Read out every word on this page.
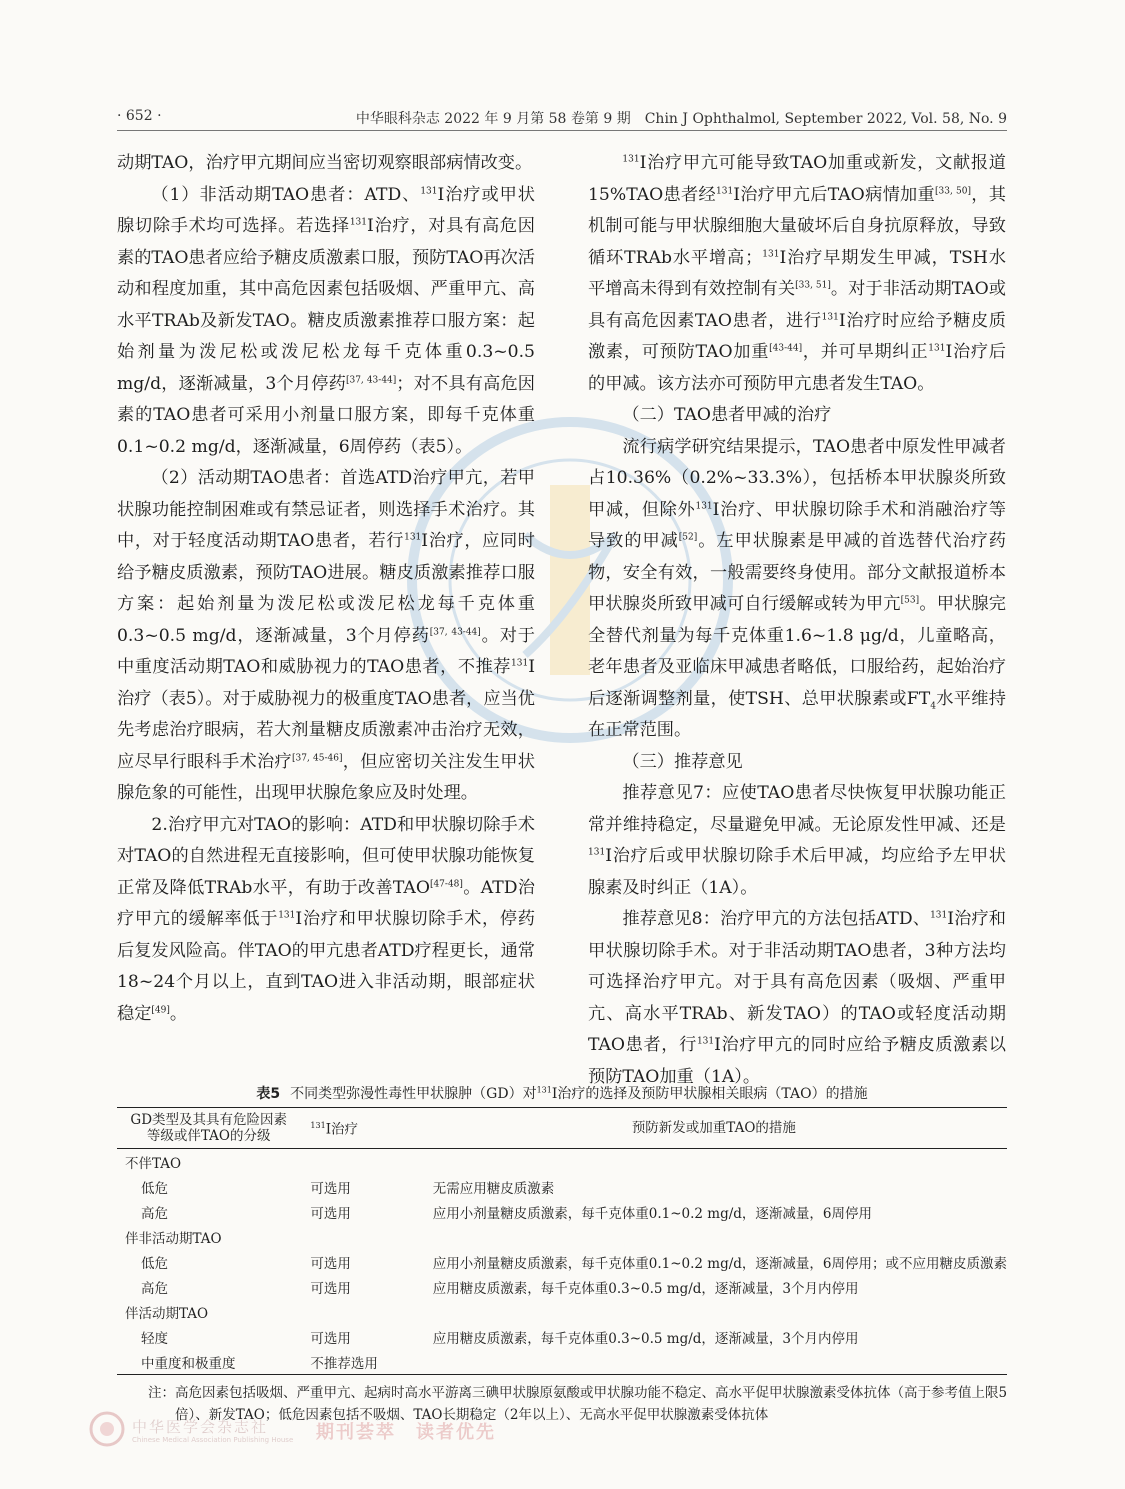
· 652 ·	中华眼科杂志 2022 年 9 月第 58 卷第 9 期　Chin J Ophthalmol, September 2022, Vol. 58, No. 9

动期TAO，治疗甲亢期间应当密切观察眼部病情改变。

（1）非活动期TAO患者：ATD、$^{131}$I治疗或甲状腺切除手术均可选择。若选择$^{131}$I治疗，对具有高危因素的TAO患者应给予糖皮质激素口服，预防TAO再次活动和程度加重，其中高危因素包括吸烟、严重甲亢、高水平TRAb及新发TAO。糖皮质激素推荐口服方案：起始剂量为泼尼松或泼尼松龙每千克体重0.3~0.5 mg/d，逐渐减量，3个月停药[37, 43-44]；对不具有高危因素的TAO患者可采用小剂量口服方案，即每千克体重0.1~0.2 mg/d，逐渐减量，6周停药（表5）。

（2）活动期TAO患者：首选ATD治疗甲亢，若甲状腺功能控制困难或有禁忌证者，则选择手术治疗。其中，对于轻度活动期TAO患者，若行$^{131}$I治疗，应同时给予糖皮质激素，预防TAO进展。糖皮质激素推荐口服方案：起始剂量为泼尼松或泼尼松龙每千克体重0.3~0.5 mg/d，逐渐减量，3个月停药[37, 43-44]。对于中重度活动期TAO和威胁视力的TAO患者，不推荐$^{131}$I治疗（表5）。对于威胁视力的极重度TAO患者，应当优先考虑治疗眼病，若大剂量糖皮质激素冲击治疗无效，应尽早行眼科手术治疗[37, 45-46]，但应密切关注发生甲状腺危象的可能性，出现甲状腺危象应及时处理。

2.治疗甲亢对TAO的影响：ATD和甲状腺切除手术对TAO的自然进程无直接影响，但可使甲状腺功能恢复正常及降低TRAb水平，有助于改善TAO[47-48]。ATD治疗甲亢的缓解率低于$^{131}$I治疗和甲状腺切除手术，停药后复发风险高。伴TAO的甲亢患者ATD疗程更长，通常18~24个月以上，直到TAO进入非活动期，眼部症状稳定[49]。

$^{131}$I治疗甲亢可能导致TAO加重或新发，文献报道15%TAO患者经$^{131}$I治疗甲亢后TAO病情加重[33, 50]，其机制可能与甲状腺细胞大量破坏后自身抗原释放，导致循环TRAb水平增高；$^{131}$I治疗早期发生甲减，TSH水平增高未得到有效控制有关[33, 51]。对于非活动期TAO或具有高危因素TAO患者，进行$^{131}$I治疗时应给予糖皮质激素，可预防TAO加重[43-44]，并可早期纠正$^{131}$I治疗后的甲减。该方法亦可预防甲亢患者发生TAO。

（二）TAO患者甲减的治疗

流行病学研究结果提示，TAO患者中原发性甲减者占10.36%（0.2%~33.3%），包括桥本甲状腺炎所致甲减，但除外$^{131}$I治疗、甲状腺切除手术和消融治疗等导致的甲减[52]。左甲状腺素是甲减的首选替代治疗药物，安全有效，一般需要终身使用。部分文献报道桥本甲状腺炎所致甲减可自行缓解或转为甲亢[53]。甲状腺完全替代剂量为每千克体重1.6~1.8 μg/d，儿童略高，老年患者及亚临床甲减患者略低，口服给药，起始治疗后逐渐调整剂量，使TSH、总甲状腺素或$FT_4$水平维持在正常范围。

（三）推荐意见

推荐意见7：应使TAO患者尽快恢复甲状腺功能正常并维持稳定，尽量避免甲减。无论原发性甲减、还是$^{131}$I治疗后或甲状腺切除手术后甲减，均应给予左甲状腺素及时纠正（1A）。

推荐意见8：治疗甲亢的方法包括ATD、$^{131}$I治疗和甲状腺切除手术。对于非活动期TAO患者，3种方法均可选择治疗甲亢。对于具有高危因素（吸烟、严重甲亢、高水平TRAb、新发TAO）的TAO或轻度活动期TAO患者，行$^{131}$I治疗甲亢的同时应给予糖皮质激素以预防TAO加重（1A）。

表5 不同类型弥漫性毒性甲状腺肿（GD）对$^{131}$I治疗的选择及预防甲状腺相关眼病（TAO）的措施
GD类型及其具有危险因素
等级或伴TAO的分级	$^{131}$I治疗	预防新发或加重TAO的措施
不伴TAO		
低危	可选用	无需应用糖皮质激素
高危	可选用	应用小剂量糖皮质激素，每千克体重0.1~0.2 mg/d，逐渐减量，6周停用
伴非活动期TAO		
低危	可选用	应用小剂量糖皮质激素，每千克体重0.1~0.2 mg/d，逐渐减量，6周停用；或不应用糖皮质激素
高危	可选用	应用糖皮质激素，每千克体重0.3~0.5 mg/d，逐渐减量，3个月内停用
伴活动期TAO		
轻度	可选用	应用糖皮质激素，每千克体重0.3~0.5 mg/d，逐渐减量，3个月内停用
中重度和极重度	不推荐选用	
注：高危因素包括吸烟、严重甲亢、起病时高水平游离三碘甲状腺原氨酸或甲状腺功能不稳定、高水平促甲状腺激素受体抗体（高于参考值上限5倍）、新发TAO；低危因素包括不吸烟、TAO长期稳定（2年以上）、无高水平促甲状腺激素受体抗体
中华医学会杂志社
Chinese Medical Association Publishing House 期刊荟萃　读者优先
